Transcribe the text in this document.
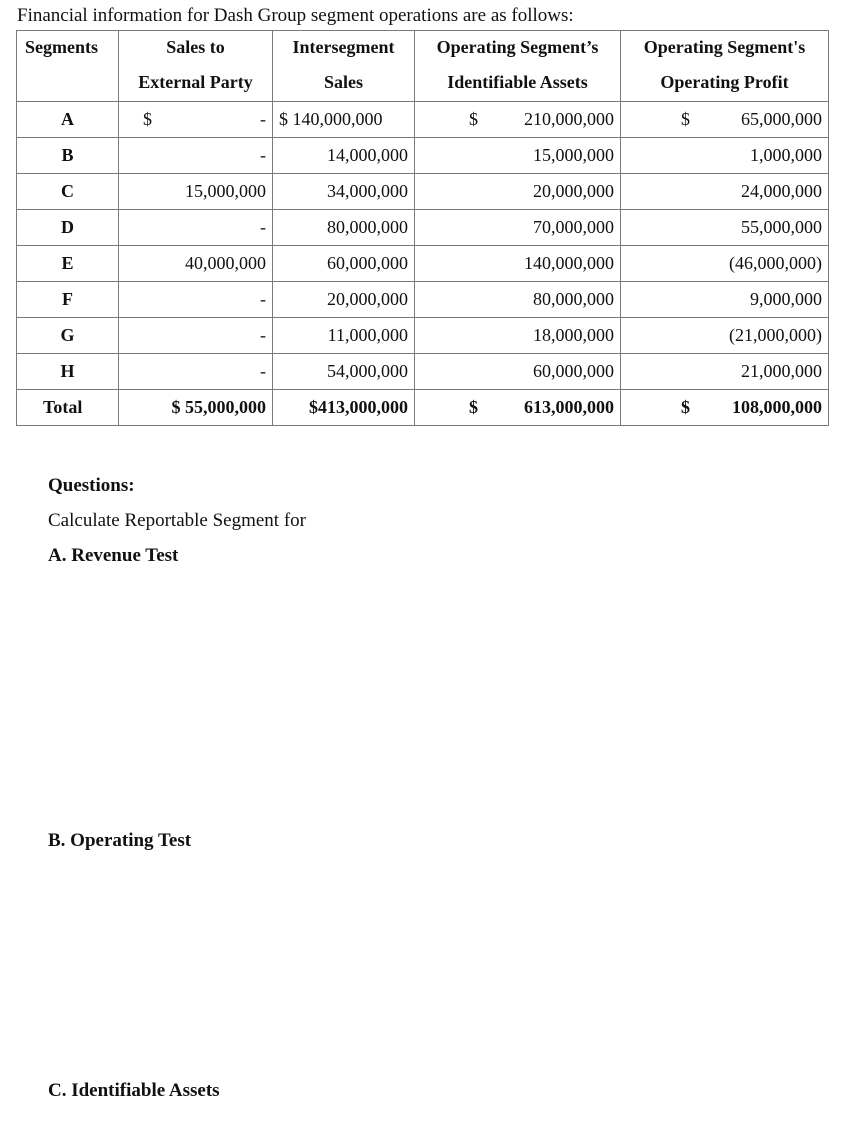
Financial information for Dash Group segment operations are as follows:
Segments	Sales to	Intersegment	Operating Segment’s	Operating Segment's
	External Party	Sales	Identifiable Assets	Operating Profit
A	$ -	$ 140,000,000	$ 210,000,000	$ 65,000,000

B	-	14,000,000	15,000,000	1,000,000
C	15,000,000	34,000,000	20,000,000	24,000,000
D	-	80,000,000	70,000,000	55,000,000
E	40,000,000	60,000,000	140,000,000	(46,000,000)
F	-	20,000,000	80,000,000	9,000,000
G	-	11,000,000	18,000,000	(21,000,000)
H	-	54,000,000	60,000,000	21,000,000
Total	$ 55,000,000	$413,000,000	$ 613,000,000	$ 108,000,000
Questions:
Calculate Reportable Segment for
A. Revenue Test
B. Operating Test
C. Identifiable Assets
